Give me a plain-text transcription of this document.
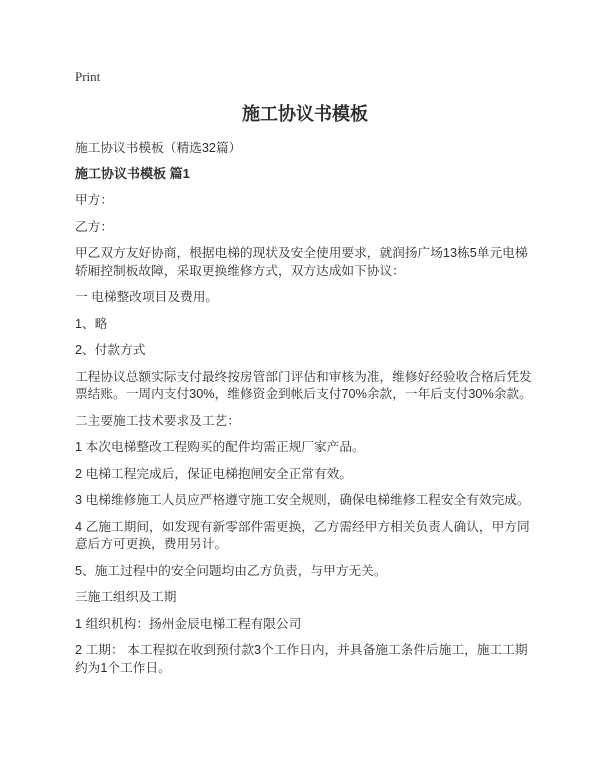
Print
施工协议书模板

施工协议书模板（精选32篇）

施工协议书模板 篇1

甲方：

乙方：

甲乙双方友好协商，根据电梯的现状及安全使用要求，就润扬广场13栋5单元电梯轿厢控制板故障，采取更换维修方式，双方达成如下协议：

一 电梯整改项目及费用。

1、略

2、付款方式

工程协议总额实际支付最终按房管部门评估和审核为准，维修好经验收合格后凭发票结账。一周内支付30%，维修资金到帐后支付70%余款，一年后支付30%余款。

二主要施工技术要求及工艺：

1 本次电梯整改工程购买的配件均需正规厂家产品。

2 电梯工程完成后，保证电梯抱闸安全正常有效。

3 电梯维修施工人员应严格遵守施工安全规则，确保电梯维修工程安全有效完成。

4 乙施工期间，如发现有新零部件需更换，乙方需经甲方相关负责人确认，甲方同意后方可更换，费用另计。

5、施工过程中的安全问题均由乙方负责，与甲方无关。

三施工组织及工期

1 组织机构：扬州金辰电梯工程有限公司

2 工期： 本工程拟在收到预付款3个工作日内，并具备施工条件后施工，施工工期约为1个工作日。
